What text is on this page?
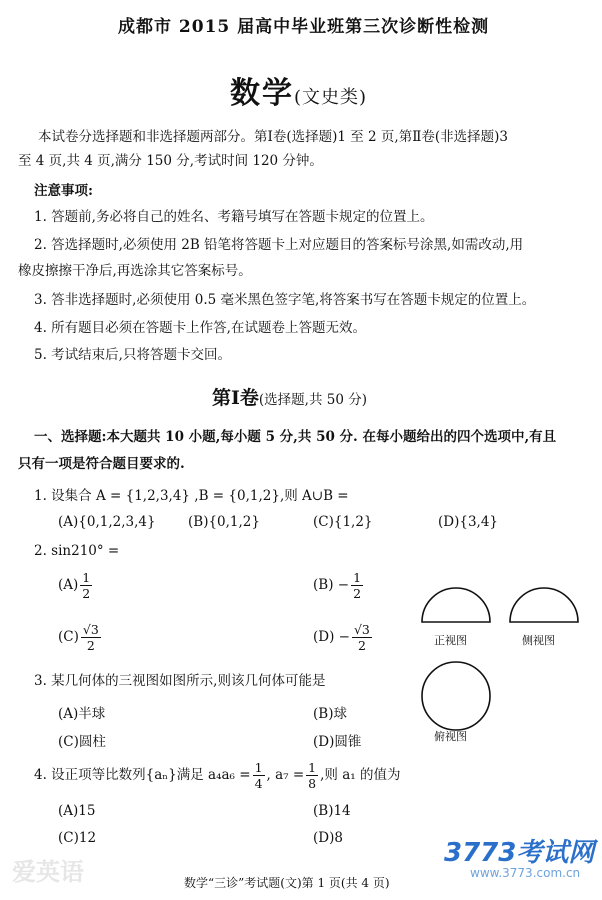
成都市 2015 届高中毕业班第三次诊断性检测
数学(文史类)
本试卷分选择题和非选择题两部分。第Ⅰ卷(选择题)1 至 2 页,第Ⅱ卷(非选择题)3
至 4 页,共 4 页,满分 150 分,考试时间 120 分钟。
注意事项:
1. 答题前,务必将自己的姓名、考籍号填写在答题卡规定的位置上。
2. 答选择题时,必须使用 2B 铅笔将答题卡上对应题目的答案标号涂黑,如需改动,用
橡皮擦擦干净后,再选涂其它答案标号。
3. 答非选择题时,必须使用 0.5 毫米黑色签字笔,将答案书写在答题卡规定的位置上。
4. 所有题目必须在答题卡上作答,在试题卷上答题无效。
5. 考试结束后,只将答题卡交回。
第Ⅰ卷(选择题,共 50 分)
一、选择题:本大题共 10 小题,每小题 5 分,共 50 分. 在每小题给出的四个选项中,有且
只有一项是符合题目要求的.
1. 设集合 A = {1,2,3,4} ,B = {0,1,2},则 A∪B =
(A){0,1,2,3,4} (B){0,1,2}	(C){1,2}	(D){3,4}
2. sin210° =
$(A) \frac{1}{2}$	$(B) - \frac{1}{2}$
$(C) \frac{√3}{2}$	$(D) - \frac{√3}{2}$	正视图	侧视图
俯视图
3. 某几何体的三视图如图所示,则该几何体可能是
(A)半球	(B)球
(C)圆柱	(D)圆锥
4. 设正项等比数列{aₙ}满足 $a_4a_6 = \frac{1}{4}$ , $a_7 = \frac{1}{8}$ ,则 a₁ 的值为
(A)15	(B)14
(C)12	(D)8
数学“三诊”考试题(文)第 1 页(共 4 页)
爱英语
3773考试网
www.3773.com.cn
